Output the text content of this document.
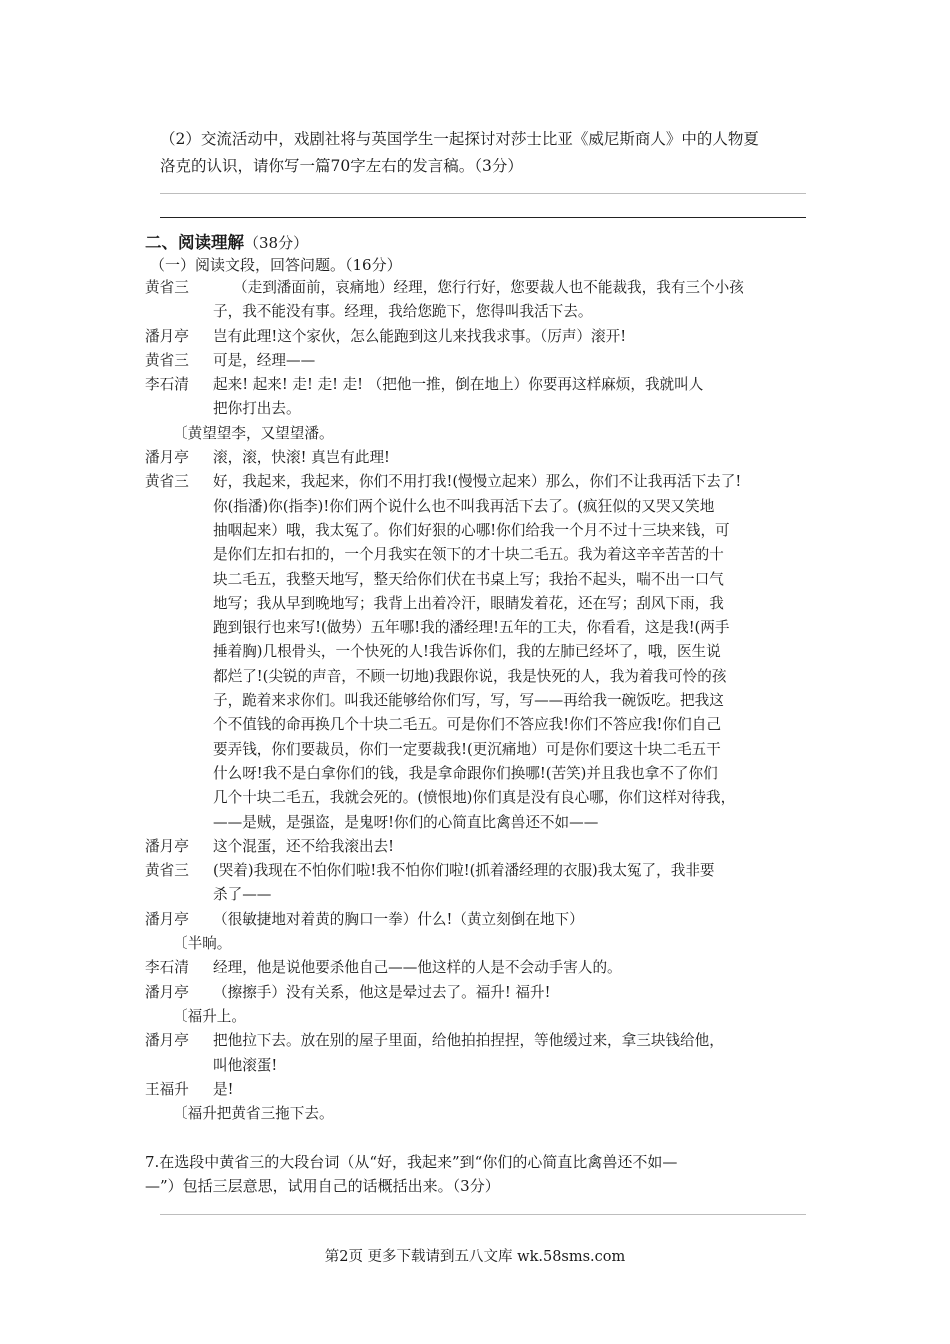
（2）交流活动中，戏剧社将与英国学生一起探讨对莎士比亚《威尼斯商人》中的人物夏
洛克的认识，请你写一篇70字左右的发言稿。（3分）
二、阅读理解（38分）
（一）阅读文段，回答问题。（16分）
黄省三	（走到潘面前，哀痛地）经理，您行行好，您要裁人也不能裁我，我有三个小孩
子，我不能没有事。经理，我给您跪下，您得叫我活下去。
潘月亭	岂有此理!这个家伙，怎么能跑到这儿来找我求事。（厉声）滚开!
黄省三	可是，经理——
李石清	起来! 起来! 走! 走! 走! （把他一推，倒在地上）你要再这样麻烦，我就叫人
把你打出去。
〔黄望望李，又望望潘。
潘月亭	滚，滚，快滚! 真岂有此理!
黄省三	好，我起来，我起来，你们不用打我!(慢慢立起来）那么，你们不让我再活下去了!
你(指潘)你(指李)!你们两个说什么也不叫我再活下去了。(疯狂似的又哭又笑地
抽咽起来）哦，我太冤了。你们好狠的心哪!你们给我一个月不过十三块来钱，可
是你们左扣右扣的，一个月我实在领下的才十块二毛五。我为着这辛辛苦苦的十
块二毛五，我整天地写，整天给你们伏在书桌上写；我抬不起头，喘不出一口气
地写；我从早到晚地写；我背上出着冷汗，眼睛发着花，还在写；刮风下雨，我
跑到银行也来写!(做势）五年哪!我的潘经理!五年的工夫，你看看，这是我!(两手
捶着胸)几根骨头，一个快死的人!我告诉你们，我的左肺已经坏了，哦，医生说
都烂了!(尖锐的声音，不顾一切地)我跟你说，我是快死的人，我为着我可怜的孩
子，跪着来求你们。叫我还能够给你们写，写，写——再给我一碗饭吃。把我这
个不值钱的命再换几个十块二毛五。可是你们不答应我!你们不答应我!你们自己
要弄钱，你们要裁员，你们一定要裁我!(更沉痛地）可是你们要这十块二毛五干
什么呀!我不是白拿你们的钱，我是拿命跟你们换哪!(苦笑)并且我也拿不了你们
几个十块二毛五，我就会死的。(愤恨地)你们真是没有良心哪，你们这样对待我，
——是贼，是强盗，是鬼呀!你们的心简直比禽兽还不如——
潘月亭	这个混蛋，还不给我滚出去!
黄省三	(哭着)我现在不怕你们啦!我不怕你们啦!(抓着潘经理的衣服)我太冤了，我非要
杀了——
潘月亭	（很敏捷地对着黄的胸口一拳）什么!（黄立刻倒在地下）
〔半晌。
李石清	经理，他是说他要杀他自己——他这样的人是不会动手害人的。
潘月亭	（擦擦手）没有关系，他这是晕过去了。福升! 福升!
〔福升上。
潘月亭	把他拉下去。放在别的屋子里面，给他拍拍捏捏，等他缓过来，拿三块钱给他，
叫他滚蛋!
王福升	是!
〔福升把黄省三拖下去。
7.在选段中黄省三的大段台词（从“好，我起来”到“你们的心简直比禽兽还不如—
—”）包括三层意思，试用自己的话概括出来。（3分）
第2页 更多下载请到五八文库 wk.58sms.com
